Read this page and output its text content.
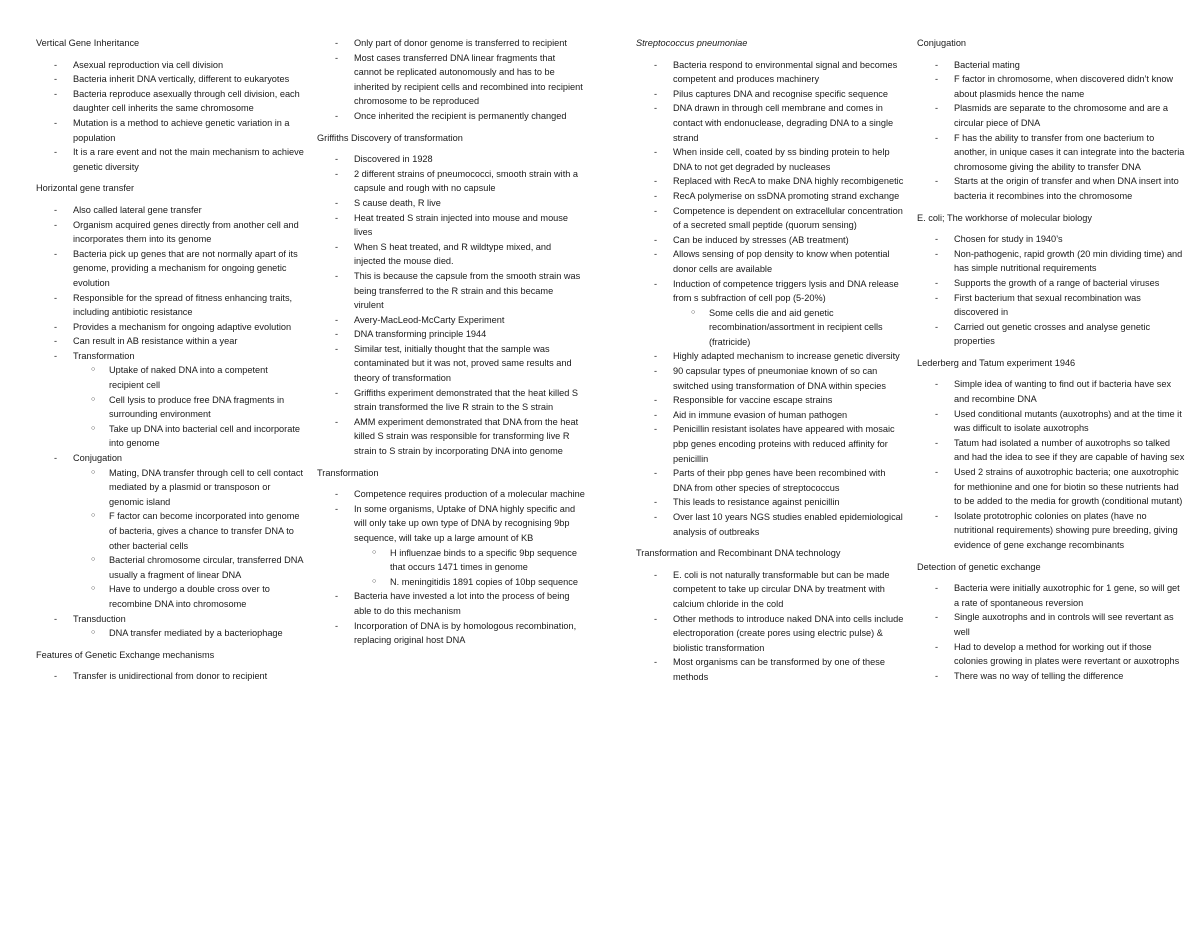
Vertical Gene Inheritance
- Asexual reproduction via cell division
- Bacteria inherit DNA vertically, different to eukaryotes
- Bacteria reproduce asexually through cell division, each daughter cell inherits the same chromosome
- Mutation is a method to achieve genetic variation in a population
- It is a rare event and not the main mechanism to achieve genetic diversity
Horizontal gene transfer
- Also called lateral gene transfer
- Organism acquired genes directly from another cell and incorporates them into its genome
- Bacteria pick up genes that are not normally apart of its genome, providing a mechanism for ongoing genetic evolution
- Responsible for the spread of fitness enhancing traits, including antibiotic resistance
- Provides a mechanism for ongoing adaptive evolution
- Can result in AB resistance within a year
- Transformation
○ Uptake of naked DNA into a competent recipient cell
○ Cell lysis to produce free DNA fragments in surrounding environment
○ Take up DNA into bacterial cell and incorporate into genome
- Conjugation
○ Mating, DNA transfer through cell to cell contact mediated by a plasmid or transposon or genomic island
○ F factor can become incorporated into genome of bacteria, gives a chance to transfer DNA to other bacterial cells
○ Bacterial chromosome circular, transferred DNA usually a fragment of linear DNA
○ Have to undergo a double cross over to recombine DNA into chromosome
- Transduction
○ DNA transfer mediated by a bacteriophage
Features of Genetic Exchange mechanisms
- Transfer is unidirectional from donor to recipient
- Only part of donor genome is transferred to recipient
- Most cases transferred DNA linear fragments that cannot be replicated autonomously and has to be inherited by recipient cells and recombined into recipient chromosome to be reproduced
- Once inherited the recipient is permanently changed
Griffiths Discovery of transformation
- Discovered in 1928
- 2 different strains of pneumococci, smooth strain with a capsule and rough with no capsule
- S cause death, R live
- Heat treated S strain injected into mouse and mouse lives
- When S heat treated, and R wildtype mixed, and injected the mouse died.
- This is because the capsule from the smooth strain was being transferred to the R strain and this became virulent
- Avery-MacLeod-McCarty Experiment
- DNA transforming principle 1944
- Similar test, initially thought that the sample was contaminated but it was not, proved same results and theory of transformation
- Griffiths experiment demonstrated that the heat killed S strain transformed the live R strain to the S strain
- AMM experiment demonstrated that DNA from the heat killed S strain was responsible for transforming live R strain to S strain by incorporating DNA into genome
Transformation
- Competence requires production of a molecular machine
- In some organisms, Uptake of DNA highly specific and will only take up own type of DNA by recognising 9bp sequence, will take up a large amount of KB
○ H influenzae binds to a specific 9bp sequence that occurs 1471 times in genome
○ N. meningitidis 1891 copies of 10bp sequence
- Bacteria have invested a lot into the process of being able to do this mechanism
- Incorporation of DNA is by homologous recombination, replacing original host DNA
Streptococcus pneumoniae
- Bacteria respond to environmental signal and becomes competent and produces machinery
- Pilus captures DNA and recognise specific sequence
- DNA drawn in through cell membrane and comes in contact with endonuclease, degrading DNA to a single strand
- When inside cell, coated by ss binding protein to help DNA to not get degraded by nucleases
- Replaced with RecA to make DNA highly recombigenetic
- RecA polymerise on ssDNA promoting strand exchange
- Competence is dependent on extracellular concentration of a secreted small peptide (quorum sensing)
- Can be induced by stresses (AB treatment)
- Allows sensing of pop density to know when potential donor cells are available
- Induction of competence triggers lysis and DNA release from s subfraction of cell pop (5-20%)
○ Some cells die and aid genetic recombination/assortment in recipient cells (fratricide)
- Highly adapted mechanism to increase genetic diversity
- 90 capsular types of pneumoniae known of so can switched using transformation of DNA within species
- Responsible for vaccine escape strains
- Aid in immune evasion of human pathogen
- Penicillin resistant isolates have appeared with mosaic pbp genes encoding proteins with reduced affinity for penicillin
- Parts of their pbp genes have been recombined with DNA from other species of streptococcus
- This leads to resistance against penicillin
- Over last 10 years NGS studies enabled epidemiological analysis of outbreaks
Transformation and Recombinant DNA technology
- E. coli is not naturally transformable but can be made competent to take up circular DNA by treatment with calcium chloride in the cold
- Other methods to introduce naked DNA into cells include electroporation (create pores using electric pulse) & biolistic transformation
- Most organisms can be transformed by one of these methods
Conjugation
- Bacterial mating
- F factor in chromosome, when discovered didn’t know about plasmids hence the name
- Plasmids are separate to the chromosome and are a circular piece of DNA
- F has the ability to transfer from one bacterium to another, in unique cases it can integrate into the bacteria chromosome giving the ability to transfer DNA
- Starts at the origin of transfer and when DNA insert into bacteria it recombines into the chromosome
E. coli; The workhorse of molecular biology
- Chosen for study in 1940’s
- Non-pathogenic, rapid growth (20 min dividing time) and has simple nutritional requirements
- Supports the growth of a range of bacterial viruses
- First bacterium that sexual recombination was discovered in
- Carried out genetic crosses and analyse genetic properties
Lederberg and Tatum experiment 1946
- Simple idea of wanting to find out if bacteria have sex and recombine DNA
- Used conditional mutants (auxotrophs) and at the time it was difficult to isolate auxotrophs
- Tatum had isolated a number of auxotrophs so talked and had the idea to see if they are capable of having sex
- Used 2 strains of auxotrophic bacteria; one auxotrophic for methionine and one for biotin so these nutrients had to be added to the media for growth (conditional mutant)
- Isolate prototrophic colonies on plates (have no nutritional requirements) showing pure breeding, giving evidence of gene exchange recombinants
Detection of genetic exchange
- Bacteria were initially auxotrophic for 1 gene, so will get a rate of spontaneous reversion
- Single auxotrophs and in controls will see revertant as well
- Had to develop a method for working out if those colonies growing in plates were revertant or auxotrophs
- There was no way of telling the difference
